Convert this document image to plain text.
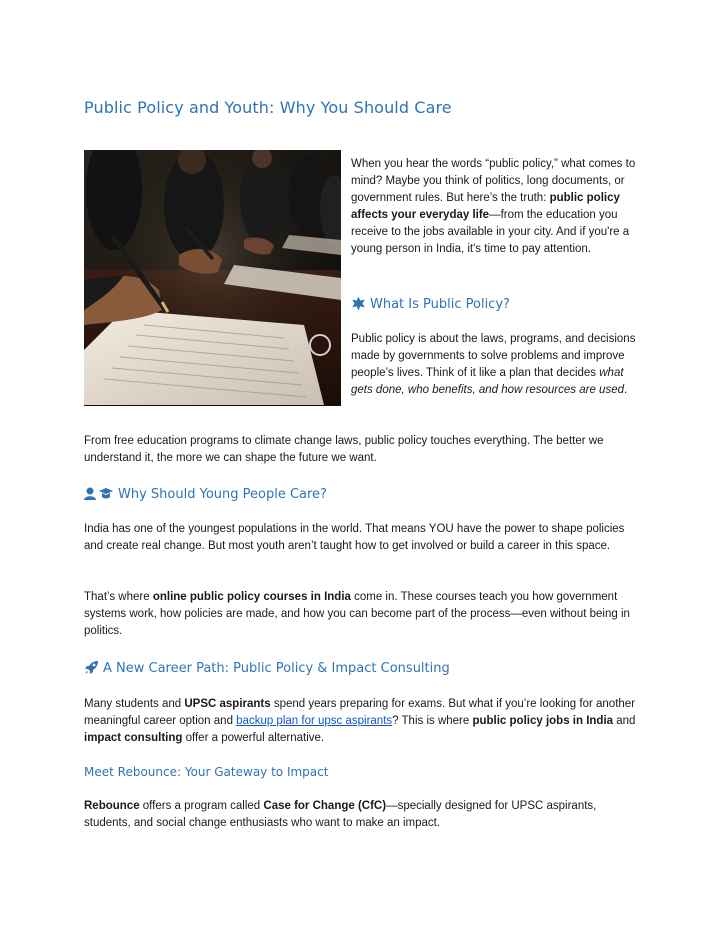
Public Policy and Youth: Why You Should Care

When you hear the words “public policy,” what comes to mind? Maybe you think of politics, long documents, or government rules. But here’s the truth: public policy affects your everyday life—from the education you receive to the jobs available in your city. And if you're a young person in India, it's time to pay attention.

What Is Public Policy?

Public policy is about the laws, programs, and decisions made by governments to solve problems and improve people’s lives. Think of it like a plan that decides what gets done, who benefits, and how resources are used.

From free education programs to climate change laws, public policy touches everything. The better we understand it, the more we can shape the future we want.

Why Should Young People Care?

India has one of the youngest populations in the world. That means YOU have the power to shape policies and create real change. But most youth aren’t taught how to get involved or build a career in this space.

That’s where online public policy courses in India come in. These courses teach you how government systems work, how policies are made, and how you can become part of the process—even without being in politics.

A New Career Path: Public Policy & Impact Consulting

Many students and UPSC aspirants spend years preparing for exams. But what if you’re looking for another meaningful career option and backup plan for upsc aspirants? This is where public policy jobs in India and impact consulting offer a powerful alternative.

Meet Rebounce: Your Gateway to Impact

Rebounce offers a program called Case for Change (CfC)—specially designed for UPSC aspirants, students, and social change enthusiasts who want to make an impact.
